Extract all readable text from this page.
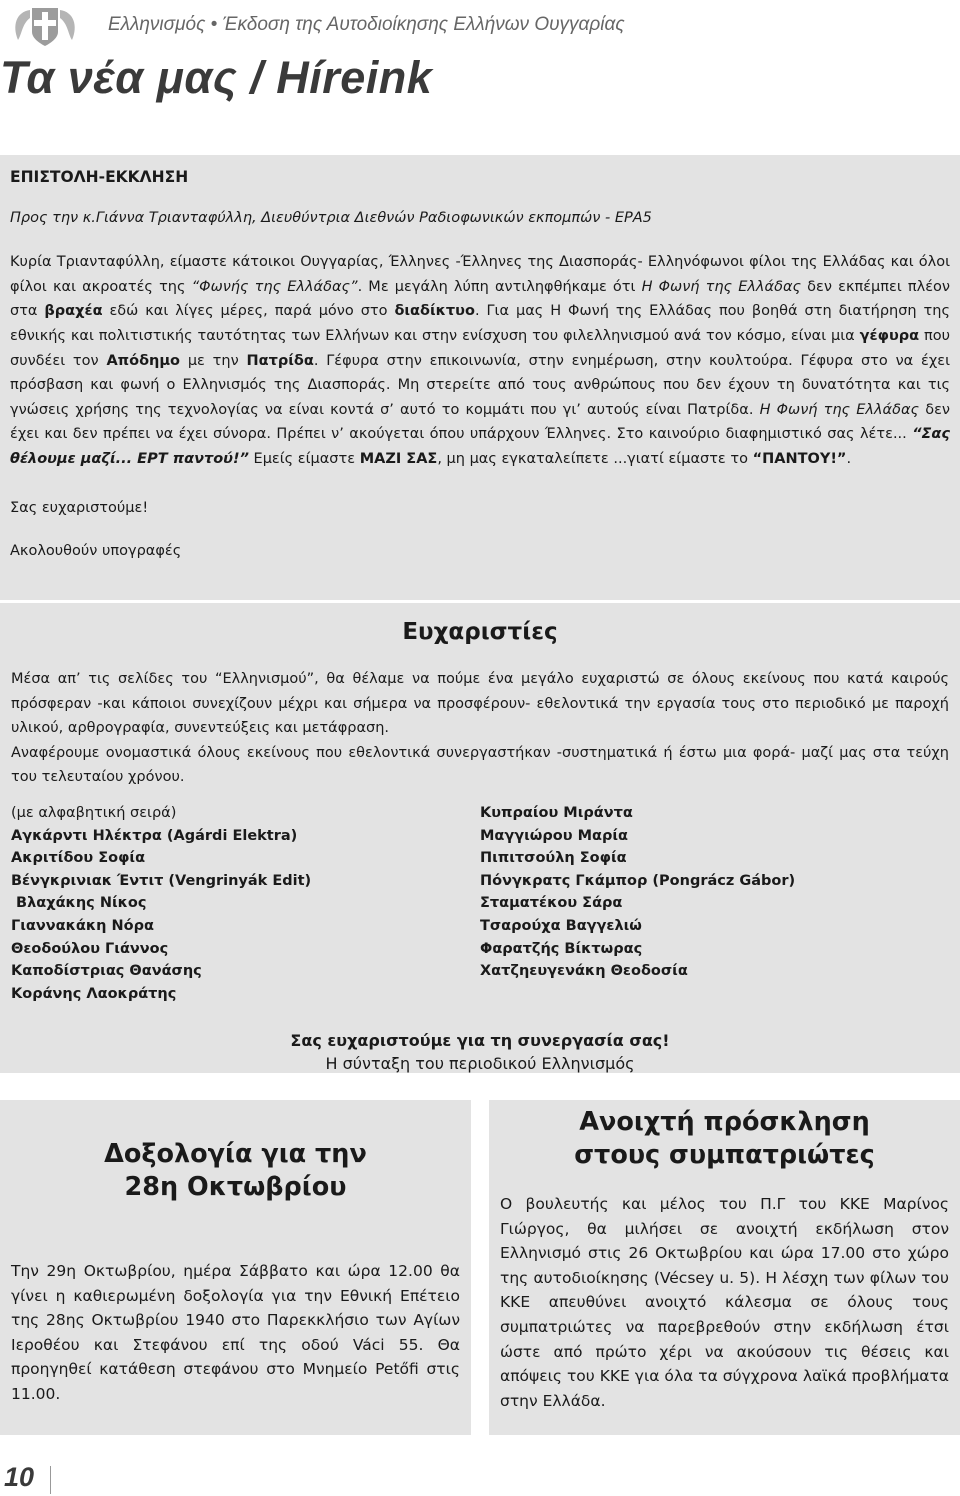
Ελληνισμός • Έκδοση της Αυτοδιοίκησης Ελλήνων Ουγγαρίας
Τα νέα μας / Híreink

ΕΠΙΣΤΟΛΗ-ΕΚΚΛΗΣΗ

Προς την κ.Γιάννα Τριανταφύλλη, Διευθύντρια Διεθνών Ραδιοφωνικών εκπομπών - ΕΡΑ5

Κυρία Τριανταφύλλη, είμαστε κάτοικοι Ουγγαρίας, Έλληνες -Έλληνες της Διασποράς- Ελληνόφωνοι φίλοι της Ελλάδας και όλοι φίλοι και ακροατές της “Φωνής της Ελλάδας”. Με μεγάλη λύπη αντιληφθήκαμε ότι Η Φωνή της Ελλάδας δεν εκπέμπει πλέον στα βραχέα εδώ και λίγες μέρες, παρά μόνο στο διαδίκτυο. Για μας Η Φωνή της Ελλάδας που βοηθά στη διατήρηση της εθνικής και πολιτιστικής ταυτότητας των Ελλήνων και στην ενίσχυση του φιλελληνισμού ανά τον κόσμο, είναι μια γέφυρα που συνδέει τον Απόδημο με την Πατρίδα. Γέφυρα στην επικοινωνία, στην ενημέρωση, στην κουλτούρα. Γέφυρα στο να έχει πρόσβαση και φωνή ο Ελληνισμός της Διασποράς. Μη στερείτε από τους ανθρώπους που δεν έχουν τη δυνατότητα και τις γνώσεις χρήσης της τεχνολογίας να είναι κοντά σ’ αυτό το κομμάτι που γι’ αυτούς είναι Πατρίδα. Η Φωνή της Ελλάδας δεν έχει και δεν πρέπει να έχει σύνορα. Πρέπει ν’ ακούγεται όπου υπάρχουν Έλληνες. Στο καινούριο διαφημιστικό σας λέτε... “Σας θέλουμε μαζί... ΕΡΤ παντού!” Εμείς είμαστε ΜΑΖΙ ΣΑΣ, μη μας εγκαταλείπετε ...γιατί είμαστε το “ΠΑΝΤΟΥ!”.

Σας ευχαριστούμε!

Ακολουθούν υπογραφές

Ευχαριστίες

Μέσα απ’ τις σελίδες του “Ελληνισμού”, θα θέλαμε να πούμε ένα μεγάλο ευχαριστώ σε όλους εκείνους που κατά καιρούς πρόσφεραν -και κάποιοι συνεχίζουν μέχρι και σήμερα να προσφέρουν- εθελοντικά την εργασία τους στο περιοδικό με παροχή υλικού, αρθρογραφία, συνεντεύξεις και μετάφραση.

Αναφέρουμε ονομαστικά όλους εκείνους που εθελοντικά συνεργαστήκαν -συστηματικά ή έστω μια φορά- μαζί μας στα τεύχη του τελευταίου χρόνου.

(με αλφαβητική σειρά)
Αγκάρντι Ηλέκτρα (Agárdi Elektra)
Ακριτίδου Σοφία
Βένγκρινιακ Έντιτ (Vengrinyák Edit)
Βλαχάκης Νίκος
Γιαννακάκη Νόρα
Θεοδούλου Γιάννος
Καποδίστριας Θανάσης
Κοράνης Λαοκράτης
Κυπραίου Μιράντα
Μαγγιώρου Μαρία
Πιπιτσούλη Σοφία
Πόνγκρατς Γκάμπορ (Pongrácz Gábor)
Σταματέκου Σάρα
Τσαρούχα Βαγγελιώ
Φαρατζής Βίκτωρας
Χατζηευγενάκη Θεοδοσία
Σας ευχαριστούμε για τη συνεργασία σας!
Η σύνταξη του περιοδικού Ελληνισμός
Δοξολογία για την
28η Οκτωβρίου
Την 29η Οκτωβρίου, ημέρα Σάββατο και ώρα 12.00 θα γίνει η καθιερωμένη δοξολογία για την Εθνική Επέτειο της 28ης Οκτωβρίου 1940 στο Παρεκκλήσιο των Αγίων Ιεροθέου και Στεφάνου επί της οδού Váci 55. Θα προηγηθεί κατάθεση στεφάνου στο Μνημείο Petőfi στις 11.00.
Ανοιχτή πρόσκληση
στους συμπατριώτες
Ο βουλευτής και μέλος του Π.Γ του ΚΚΕ Μαρίνος Γιώργος, θα μιλήσει σε ανοιχτή εκδήλωση στον Ελληνισμό στις 26 Οκτωβρίου και ώρα 17.00 στο χώρο της αυτοδιοίκησης (Vécsey u. 5). Η λέσχη των φίλων του ΚΚΕ απευθύνει ανοιχτό κάλεσμα σε όλους τους συμπατριώτες να παρεβρεθούν στην εκδήλωση έτσι ώστε από πρώτο χέρι να ακούσουν τις θέσεις και απόψεις του ΚΚΕ για όλα τα σύγχρονα λαϊκά προβλήματα στην Ελλάδα.
10
